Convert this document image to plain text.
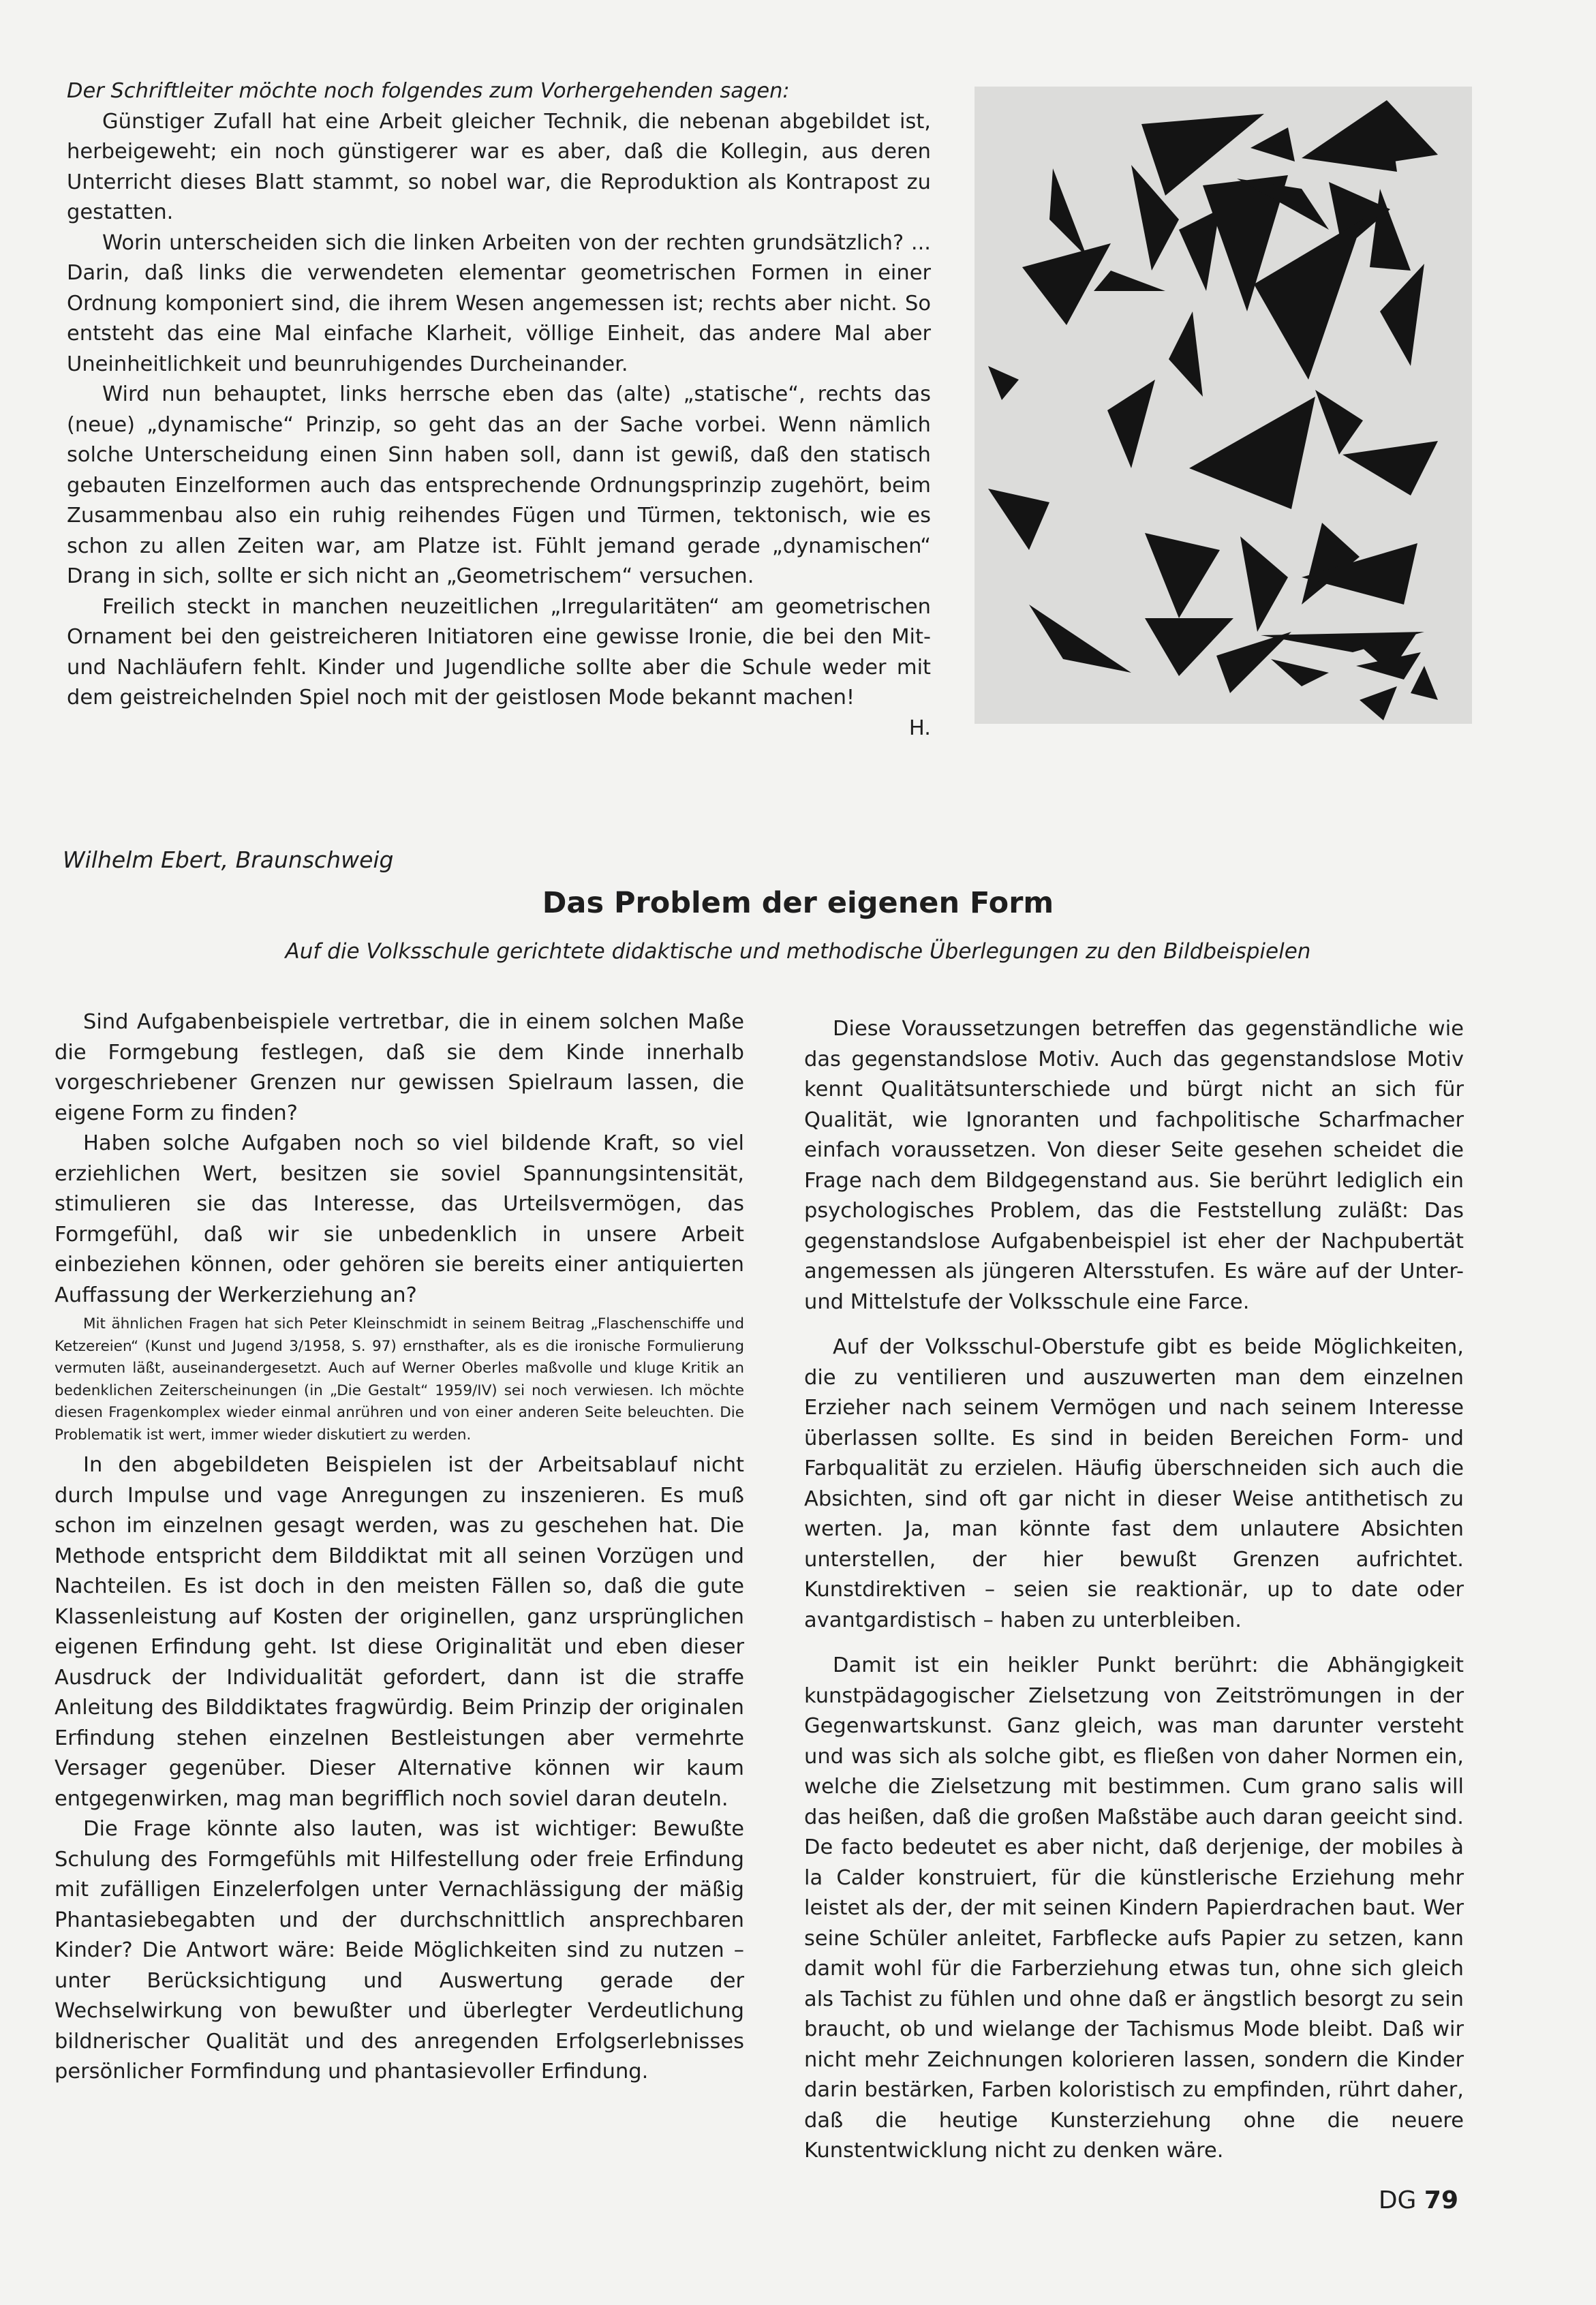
Der Schriftleiter möchte noch folgendes zum Vorhergehenden sagen:

Günstiger Zufall hat eine Arbeit gleicher Technik, die nebenan abgebildet ist, herbeigeweht; ein noch günstigerer war es aber, daß die Kollegin, aus deren Unterricht dieses Blatt stammt, so nobel war, die Reproduktion als Kontrapost zu gestatten.

Worin unterscheiden sich die linken Arbeiten von der rechten grundsätzlich? ... Darin, daß links die verwendeten elementar geometrischen Formen in einer Ordnung komponiert sind, die ihrem Wesen angemessen ist; rechts aber nicht. So entsteht das eine Mal einfache Klarheit, völlige Einheit, das andere Mal aber Uneinheitlichkeit und beunruhigendes Durcheinander.

Wird nun behauptet, links herrsche eben das (alte) „statische“, rechts das (neue) „dynamische“ Prinzip, so geht das an der Sache vorbei. Wenn nämlich solche Unterscheidung einen Sinn haben soll, dann ist gewiß, daß den statisch gebauten Einzelformen auch das entsprechende Ordnungsprinzip zugehört, beim Zusammenbau also ein ruhig reihendes Fügen und Türmen, tektonisch, wie es schon zu allen Zeiten war, am Platze ist. Fühlt jemand gerade „dynamischen“ Drang in sich, sollte er sich nicht an „Geometrischem“ versuchen.

Freilich steckt in manchen neuzeitlichen „Irregularitäten“ am geometrischen Ornament bei den geistreicheren Initiatoren eine gewisse Ironie, die bei den Mit- und Nachläufern fehlt. Kinder und Jugendliche sollte aber die Schule weder mit dem geistreichelnden Spiel noch mit der geistlosen Mode bekannt machen!

H.
Wilhelm Ebert, Braunschweig
Das Problem der eigenen Form
Auf die Volksschule gerichtete didaktische und methodische Überlegungen zu den Bildbeispielen

Sind Aufgabenbeispiele vertretbar, die in einem solchen Maße die Formgebung festlegen, daß sie dem Kinde innerhalb vorgeschriebener Grenzen nur gewissen Spielraum lassen, die eigene Form zu finden?

Haben solche Aufgaben noch so viel bildende Kraft, so viel erziehlichen Wert, besitzen sie soviel Spannungsintensität, stimulieren sie das Interesse, das Urteilsvermögen, das Formgefühl, daß wir sie unbedenklich in unsere Arbeit einbeziehen können, oder gehören sie bereits einer antiquierten Auffassung der Werkerziehung an?

Mit ähnlichen Fragen hat sich Peter Kleinschmidt in seinem Beitrag „Flaschenschiffe und Ketzereien“ (Kunst und Jugend 3/1958, S. 97) ernsthafter, als es die ironische Formulierung vermuten läßt, auseinandergesetzt. Auch auf Werner Oberles maßvolle und kluge Kritik an bedenklichen Zeiterscheinungen (in „Die Gestalt“ 1959/IV) sei noch verwiesen. Ich möchte diesen Fragenkomplex wieder einmal anrühren und von einer anderen Seite beleuchten. Die Problematik ist wert, immer wieder diskutiert zu werden.

In den abgebildeten Beispielen ist der Arbeitsablauf nicht durch Impulse und vage Anregungen zu inszenieren. Es muß schon im einzelnen gesagt werden, was zu geschehen hat. Die Methode entspricht dem Bilddiktat mit all seinen Vorzügen und Nachteilen. Es ist doch in den meisten Fällen so, daß die gute Klassenleistung auf Kosten der originellen, ganz ursprünglichen eigenen Erfindung geht. Ist diese Originalität und eben dieser Ausdruck der Individualität gefordert, dann ist die straffe Anleitung des Bilddiktates fragwürdig. Beim Prinzip der originalen Erfindung stehen einzelnen Bestleistungen aber vermehrte Versager gegenüber. Dieser Alternative können wir kaum entgegenwirken, mag man begrifflich noch soviel daran deuteln.

Die Frage könnte also lauten, was ist wichtiger: Bewußte Schulung des Formgefühls mit Hilfestellung oder freie Erfindung mit zufälligen Einzelerfolgen unter Vernachlässigung der mäßig Phantasiebegabten und der durchschnittlich ansprechbaren Kinder? Die Antwort wäre: Beide Möglichkeiten sind zu nutzen – unter Berücksichtigung und Auswertung gerade der Wechselwirkung von bewußter und überlegter Verdeutlichung bildnerischer Qualität und des anregenden Erfolgserlebnisses persönlicher Formfindung und phantasievoller Erfindung.

Diese Voraussetzungen betreffen das gegenständliche wie das gegenstandslose Motiv. Auch das gegenstandslose Motiv kennt Qualitätsunterschiede und bürgt nicht an sich für Qualität, wie Ignoranten und fachpolitische Scharfmacher einfach voraussetzen. Von dieser Seite gesehen scheidet die Frage nach dem Bildgegenstand aus. Sie berührt lediglich ein psychologisches Problem, das die Feststellung zuläßt: Das gegenstandslose Aufgabenbeispiel ist eher der Nachpubertät angemessen als jüngeren Altersstufen. Es wäre auf der Unter- und Mittelstufe der Volksschule eine Farce.

Auf der Volksschul-Oberstufe gibt es beide Möglichkeiten, die zu ventilieren und auszuwerten man dem einzelnen Erzieher nach seinem Vermögen und nach seinem Interesse überlassen sollte. Es sind in beiden Bereichen Form- und Farbqualität zu erzielen. Häufig überschneiden sich auch die Absichten, sind oft gar nicht in dieser Weise antithetisch zu werten. Ja, man könnte fast dem unlautere Absichten unterstellen, der hier bewußt Grenzen aufrichtet. Kunstdirektiven – seien sie reaktionär, up to date oder avantgardistisch – haben zu unterbleiben.

Damit ist ein heikler Punkt berührt: die Abhängigkeit kunstpädagogischer Zielsetzung von Zeitströmungen in der Gegenwartskunst. Ganz gleich, was man darunter versteht und was sich als solche gibt, es fließen von daher Normen ein, welche die Zielsetzung mit bestimmen. Cum grano salis will das heißen, daß die großen Maßstäbe auch daran geeicht sind. De facto bedeutet es aber nicht, daß derjenige, der mobiles à la Calder konstruiert, für die künstlerische Erziehung mehr leistet als der, der mit seinen Kindern Papierdrachen baut. Wer seine Schüler anleitet, Farbflecke aufs Papier zu setzen, kann damit wohl für die Farberziehung etwas tun, ohne sich gleich als Tachist zu fühlen und ohne daß er ängstlich besorgt zu sein braucht, ob und wielange der Tachismus Mode bleibt. Daß wir nicht mehr Zeichnungen kolorieren lassen, sondern die Kinder darin bestärken, Farben koloristisch zu empfinden, rührt daher, daß die heutige Kunsterziehung ohne die neuere Kunstentwicklung nicht zu denken wäre.

DG 79
